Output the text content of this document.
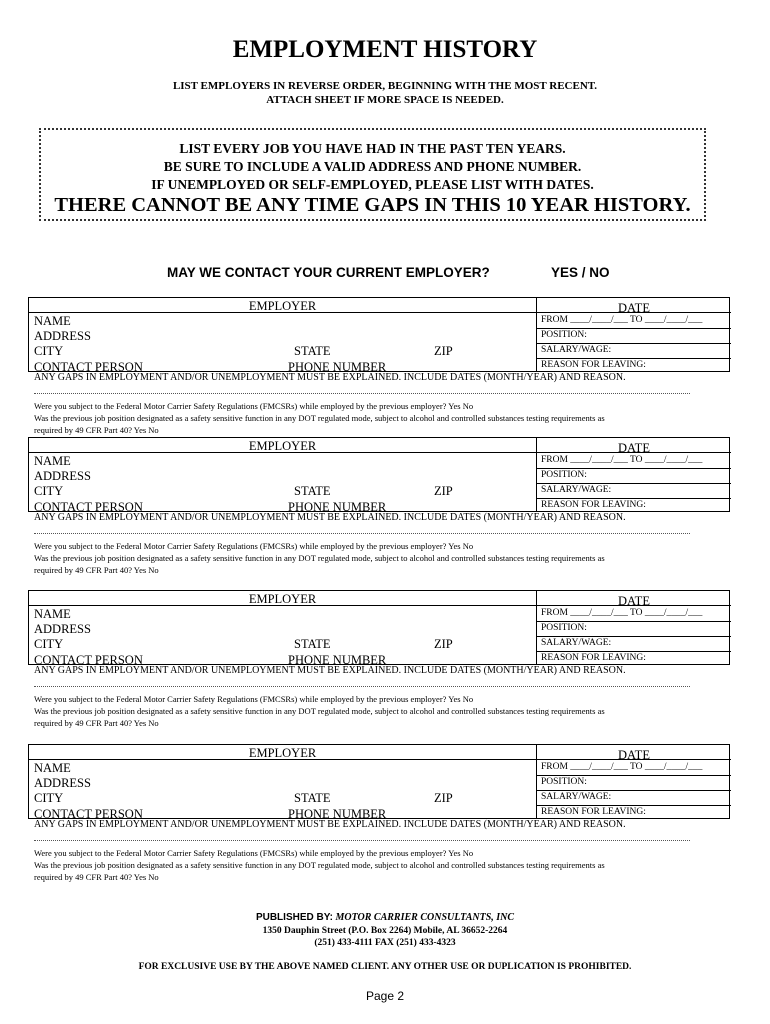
EMPLOYMENT HISTORY
LIST EMPLOYERS IN REVERSE ORDER, BEGINNING WITH THE MOST RECENT.
ATTACH SHEET IF MORE SPACE IS NEEDED.
LIST EVERY JOB YOU HAVE HAD IN THE PAST TEN YEARS.
BE SURE TO INCLUDE A VALID ADDRESS AND PHONE NUMBER.
IF UNEMPLOYED OR SELF-EMPLOYED, PLEASE LIST WITH DATES.
THERE CANNOT BE ANY TIME GAPS IN THIS 10 YEAR HISTORY.
MAY WE CONTACT YOUR CURRENT EMPLOYER?	YES / NO
EMPLOYER	DATE
NAME
ADDRESS
CITY	STATE	ZIP
CONTACT PERSON	PHONE NUMBER
FROM ____/____/___ TO ____/____/___
POSITION:
SALARY/WAGE:
REASON FOR LEAVING:
ANY GAPS IN EMPLOYMENT AND/OR UNEMPLOYMENT MUST BE EXPLAINED. INCLUDE DATES (MONTH/YEAR) AND REASON.
Were you subject to the Federal Motor Carrier Safety Regulations (FMCSRs) while employed by the previous employer? Yes No
Was the previous job position designated as a safety sensitive function in any DOT regulated mode, subject to alcohol and controlled substances testing requirements as
required by 49 CFR Part 40? Yes No
EMPLOYER	DATE
NAME
ADDRESS
CITY	STATE	ZIP
CONTACT PERSON	PHONE NUMBER
FROM ____/____/___ TO ____/____/___
POSITION:
SALARY/WAGE:
REASON FOR LEAVING:
ANY GAPS IN EMPLOYMENT AND/OR UNEMPLOYMENT MUST BE EXPLAINED. INCLUDE DATES (MONTH/YEAR) AND REASON.
Were you subject to the Federal Motor Carrier Safety Regulations (FMCSRs) while employed by the previous employer? Yes No
Was the previous job position designated as a safety sensitive function in any DOT regulated mode, subject to alcohol and controlled substances testing requirements as
required by 49 CFR Part 40? Yes No
EMPLOYER	DATE
NAME
ADDRESS
CITY	STATE	ZIP
CONTACT PERSON	PHONE NUMBER
FROM ____/____/___ TO ____/____/___
POSITION:
SALARY/WAGE:
REASON FOR LEAVING:
ANY GAPS IN EMPLOYMENT AND/OR UNEMPLOYMENT MUST BE EXPLAINED. INCLUDE DATES (MONTH/YEAR) AND REASON.
Were you subject to the Federal Motor Carrier Safety Regulations (FMCSRs) while employed by the previous employer? Yes No
Was the previous job position designated as a safety sensitive function in any DOT regulated mode, subject to alcohol and controlled substances testing requirements as
required by 49 CFR Part 40? Yes No
EMPLOYER	DATE
NAME
ADDRESS
CITY	STATE	ZIP
CONTACT PERSON	PHONE NUMBER
FROM ____/____/___ TO ____/____/___
POSITION:
SALARY/WAGE:
REASON FOR LEAVING:
ANY GAPS IN EMPLOYMENT AND/OR UNEMPLOYMENT MUST BE EXPLAINED. INCLUDE DATES (MONTH/YEAR) AND REASON.
Were you subject to the Federal Motor Carrier Safety Regulations (FMCSRs) while employed by the previous employer? Yes No
Was the previous job position designated as a safety sensitive function in any DOT regulated mode, subject to alcohol and controlled substances testing requirements as
required by 49 CFR Part 40? Yes No
PUBLISHED BY: MOTOR CARRIER CONSULTANTS, INC
1350 Dauphin Street (P.O. Box 2264) Mobile, AL 36652-2264
(251) 433-4111 FAX (251) 433-4323
FOR EXCLUSIVE USE BY THE ABOVE NAMED CLIENT. ANY OTHER USE OR DUPLICATION IS PROHIBITED.
Page 2
